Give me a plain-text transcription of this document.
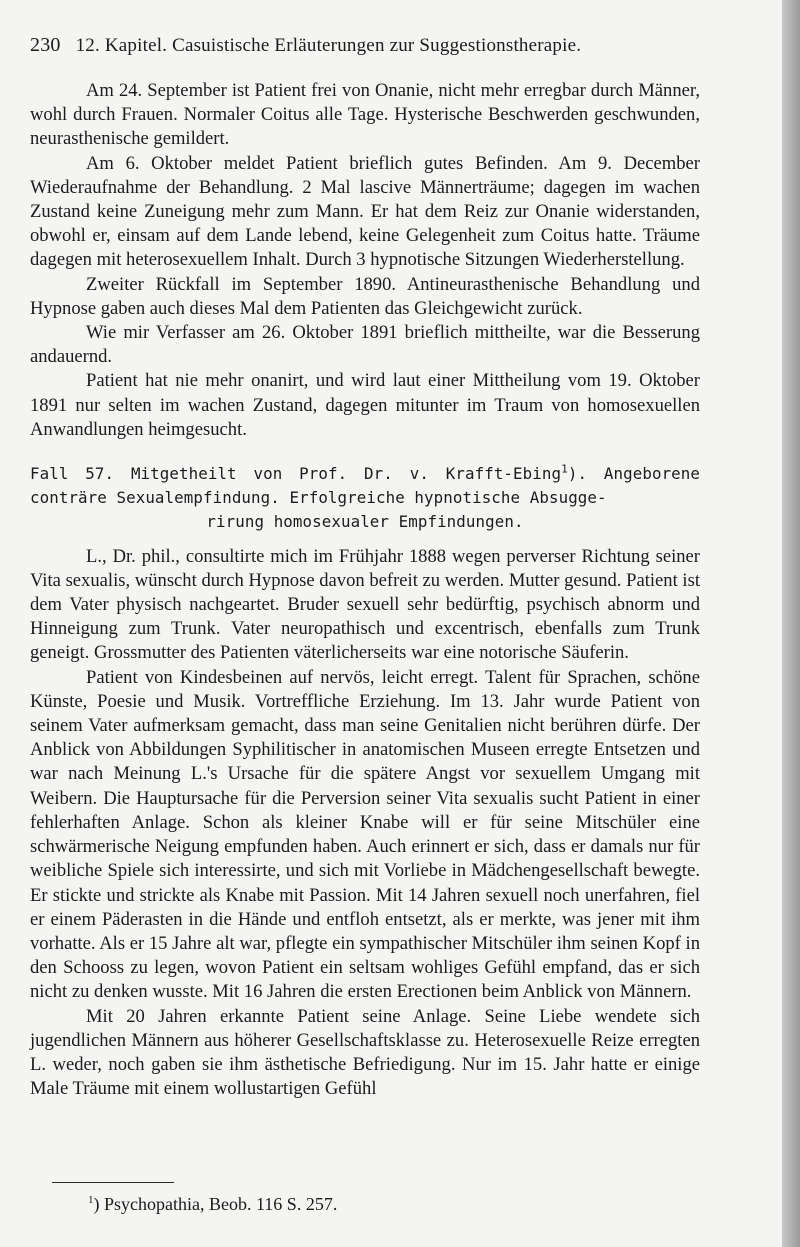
230 12. Kapitel. Casuistische Erläuterungen zur Suggestionstherapie.

Am 24. September ist Patient frei von Onanie, nicht mehr erregbar durch Männer, wohl durch Frauen. Normaler Coitus alle Tage. Hysterische Beschwerden geschwunden, neurasthenische gemildert.

Am 6. Oktober meldet Patient brieflich gutes Befinden. Am 9. December Wiederaufnahme der Behandlung. 2 Mal lascive Männerträume; dagegen im wachen Zustand keine Zuneigung mehr zum Mann. Er hat dem Reiz zur Onanie widerstanden, obwohl er, einsam auf dem Lande lebend, keine Gelegenheit zum Coitus hatte. Träume dagegen mit heterosexuellem Inhalt. Durch 3 hypnotische Sitzungen Wiederherstellung.

Zweiter Rückfall im September 1890. Antineurasthenische Behandlung und Hypnose gaben auch dieses Mal dem Patienten das Gleichgewicht zurück.

Wie mir Verfasser am 26. Oktober 1891 brieflich mittheilte, war die Besserung andauernd.

Patient hat nie mehr onanirt, und wird laut einer Mittheilung vom 19. Oktober 1891 nur selten im wachen Zustand, dagegen mitunter im Traum von homosexuellen Anwandlungen heimgesucht.

Fall 57. Mitgetheilt von Prof. Dr. v. Krafft-Ebing$^1$). Angeborene conträre Sexualempfindung. Erfolgreiche hypnotische Absugge-
rirung homosexualer Empfindungen.

L., Dr. phil., consultirte mich im Frühjahr 1888 wegen perverser Richtung seiner Vita sexualis, wünscht durch Hypnose davon befreit zu werden. Mutter gesund. Patient ist dem Vater physisch nachgeartet. Bruder sexuell sehr bedürftig, psychisch abnorm und Hinneigung zum Trunk. Vater neuropathisch und excentrisch, ebenfalls zum Trunk geneigt. Grossmutter des Patienten väterlicherseits war eine notorische Säuferin.

Patient von Kindesbeinen auf nervös, leicht erregt. Talent für Sprachen, schöne Künste, Poesie und Musik. Vortreffliche Erziehung. Im 13. Jahr wurde Patient von seinem Vater aufmerksam gemacht, dass man seine Genitalien nicht berühren dürfe. Der Anblick von Abbildungen Syphilitischer in anatomischen Museen erregte Entsetzen und war nach Meinung L.'s Ursache für die spätere Angst vor sexuellem Umgang mit Weibern. Die Hauptursache für die Perversion seiner Vita sexualis sucht Patient in einer fehlerhaften Anlage. Schon als kleiner Knabe will er für seine Mitschüler eine schwärmerische Neigung empfunden haben. Auch erinnert er sich, dass er damals nur für weibliche Spiele sich interessirte, und sich mit Vorliebe in Mädchengesellschaft bewegte. Er stickte und strickte als Knabe mit Passion. Mit 14 Jahren sexuell noch unerfahren, fiel er einem Päderasten in die Hände und entfloh entsetzt, als er merkte, was jener mit ihm vorhatte. Als er 15 Jahre alt war, pflegte ein sympathischer Mitschüler ihm seinen Kopf in den Schooss zu legen, wovon Patient ein seltsam wohliges Gefühl empfand, das er sich nicht zu denken wusste. Mit 16 Jahren die ersten Erectionen beim Anblick von Männern.

Mit 20 Jahren erkannte Patient seine Anlage. Seine Liebe wendete sich jugendlichen Männern aus höherer Gesellschaftsklasse zu. Heterosexuelle Reize erregten L. weder, noch gaben sie ihm ästhetische Befriedigung. Nur im 15. Jahr hatte er einige Male Träume mit einem wollustartigen Gefühl

$^1$) Psychopathia, Beob. 116 S. 257.
